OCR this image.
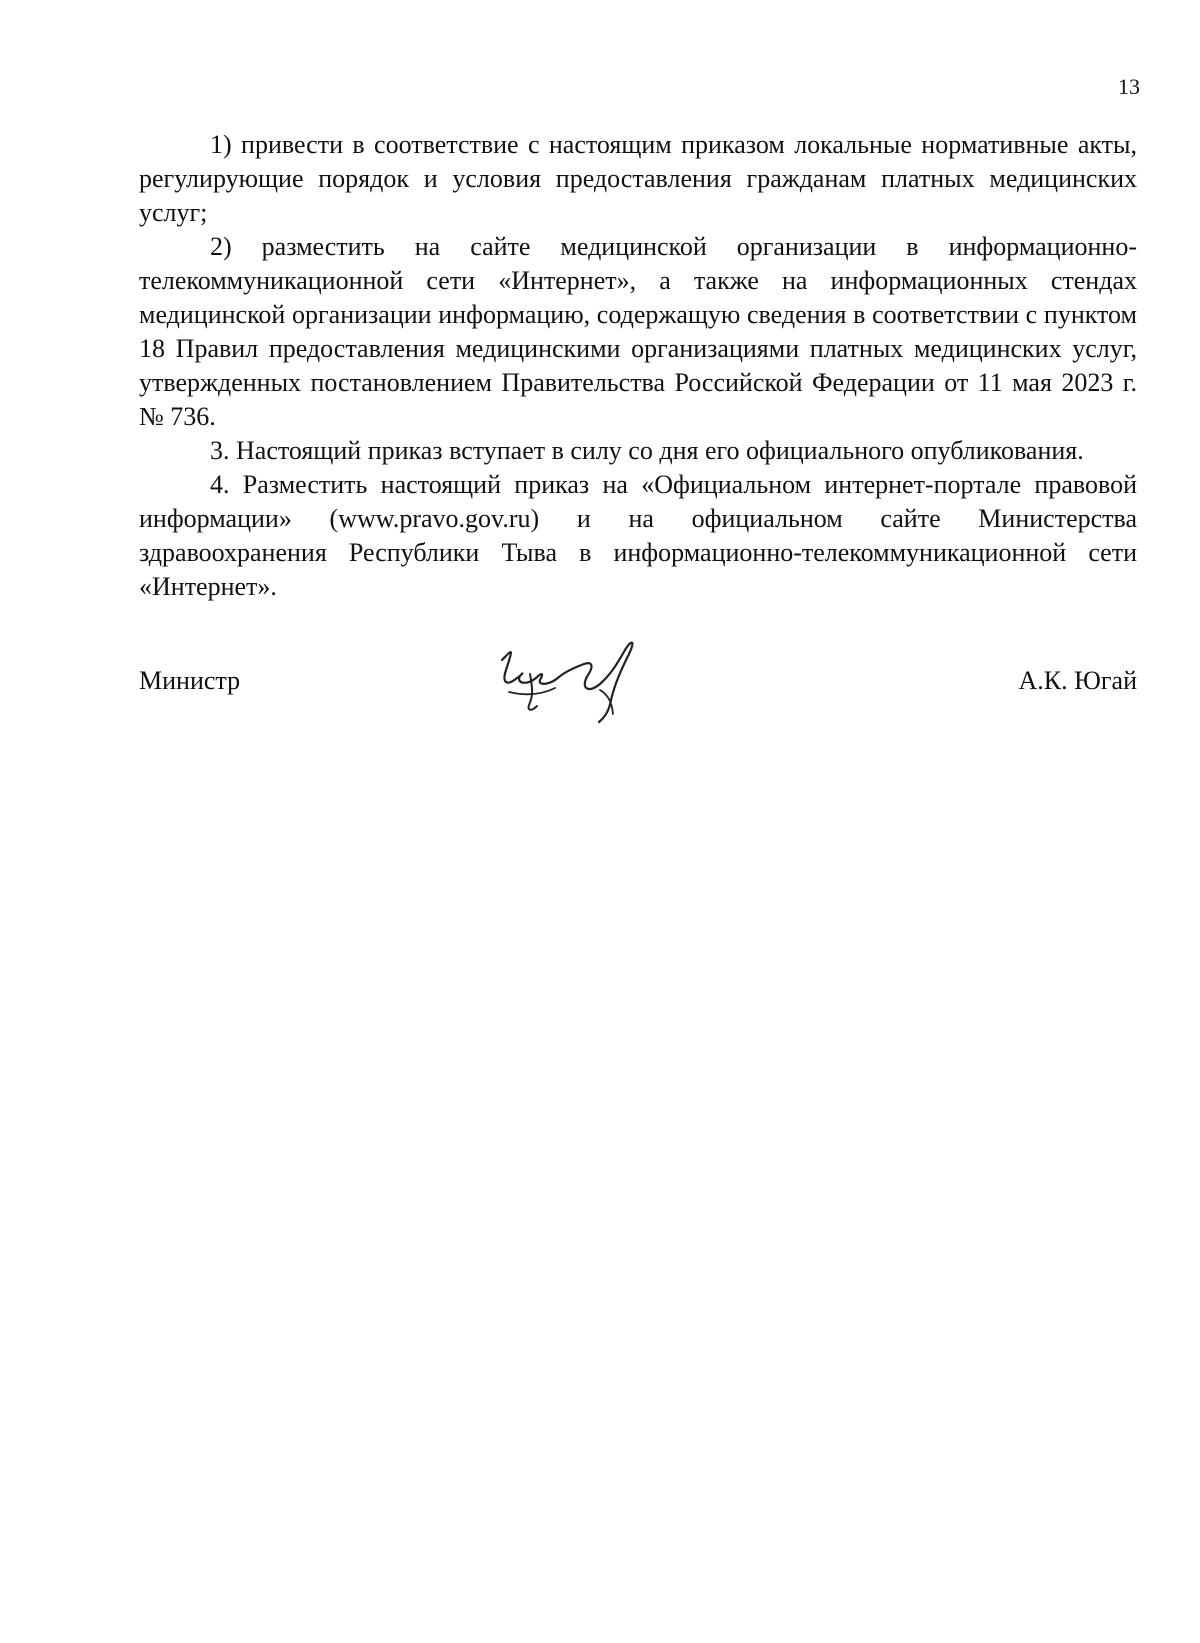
13

1) привести в соответствие с настоящим приказом локальные нормативные акты, регулирующие порядок и условия предоставления гражданам платных медицинских услуг;

2) разместить на сайте медицинской организации в информационно-телекоммуникационной сети «Интернет», а также на информационных стендах медицинской организации информацию, содержащую сведения в соответствии с пунктом 18 Правил предоставления медицинскими организациями платных медицинских услуг, утвержденных постановлением Правительства Российской Федерации от 11 мая 2023 г. № 736.

3. Настоящий приказ вступает в силу со дня его официального опубликования.

4. Разместить настоящий приказ на «Официальном интернет-портале правовой информации» (www.pravo.gov.ru) и на официальном сайте Министерства здравоохранения Республики Тыва в информационно-телекоммуникационной сети «Интернет».

Министр	А.К. Югай
